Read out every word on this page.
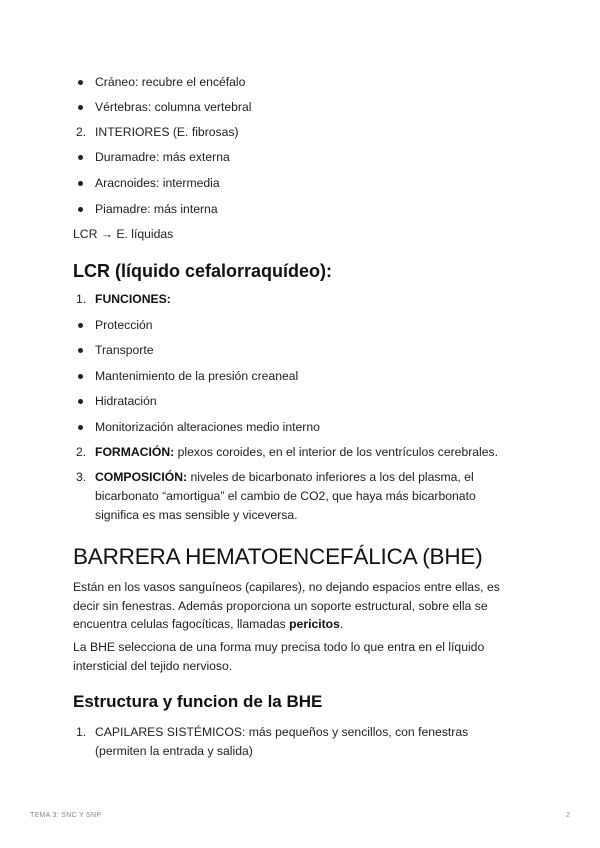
Cráneo: recubre el encéfalo
Vértebras: columna vertebral
2. INTERIORES (E. fibrosas)
Duramadre: más externa
Aracnoides: intermedia
Piamadre: más interna
LCR → E. líquidas
LCR (líquido cefalorraquídeo):
1. FUNCIONES:
Protección
Transporte
Mantenimiento de la presión creaneal
Hidratación
Monitorización alteraciones medio interno
2. FORMACIÓN: plexos coroides, en el interior de los ventrículos cerebrales.
3. COMPOSICIÓN: niveles de bicarbonato inferiores a los del plasma, el
bicarbonato “amortigua” el cambio de CO2, que haya más bicarbonato
significa es mas sensible y viceversa.
BARRERA HEMATOENCEFÁLICA (BHE)
Están en los vasos sanguíneos (capilares), no dejando espacios entre ellas, es
decir sin fenestras. Además proporciona un soporte estructural, sobre ella se
encuentra celulas fagocíticas, llamadas pericitos.
La BHE selecciona de una forma muy precisa todo lo que entra en el líquido
intersticial del tejido nervioso.
Estructura y funcion de la BHE
1. CAPILARES SISTÉMICOS: más pequeños y sencillos, con fenestras
(permiten la entrada y salida)
TEMA 3: SNC Y SNP	2
